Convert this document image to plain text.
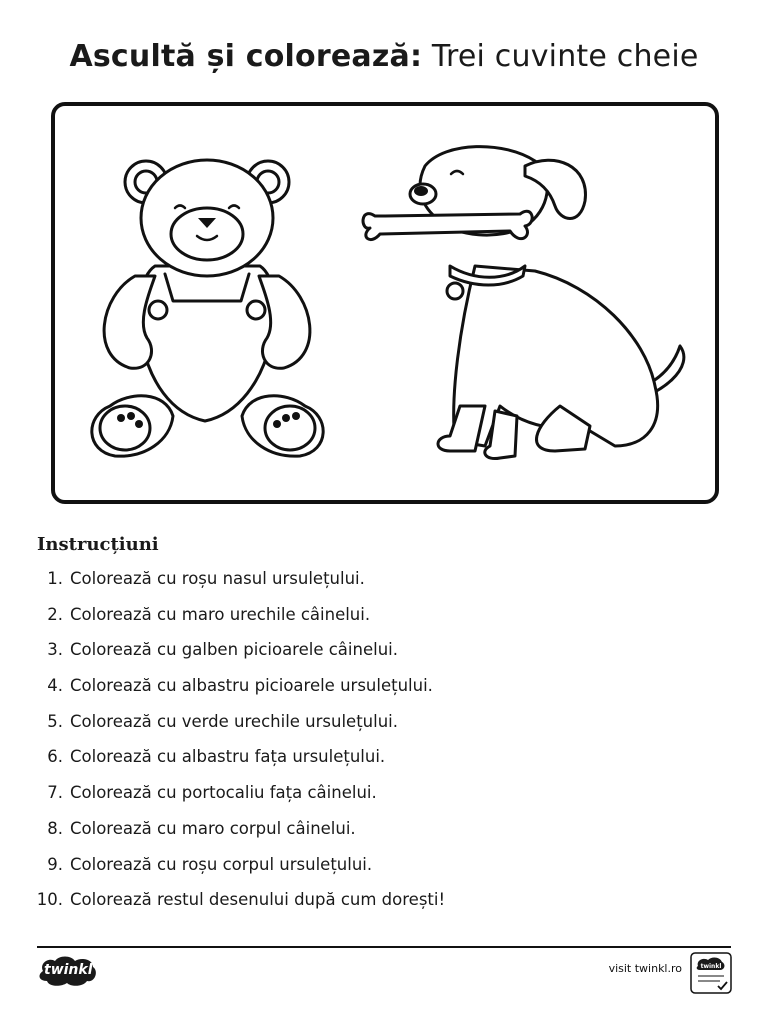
Ascultă și colorează: Trei cuvinte cheie
Instrucțiuni
1. Colorează cu roșu nasul ursulețului.
2. Colorează cu maro urechile câinelui.
3. Colorează cu galben picioarele câinelui.
4. Colorează cu albastru picioarele ursulețului.
5. Colorează cu verde urechile ursulețului.
6. Colorează cu albastru fața ursulețului.
7. Colorează cu portocaliu fața câinelui.
8. Colorează cu maro corpul câinelui.
9. Colorează cu roșu corpul ursulețului.
10. Colorează restul desenului după cum dorești!
twinkl	visit twinkl.ro	twinkl
